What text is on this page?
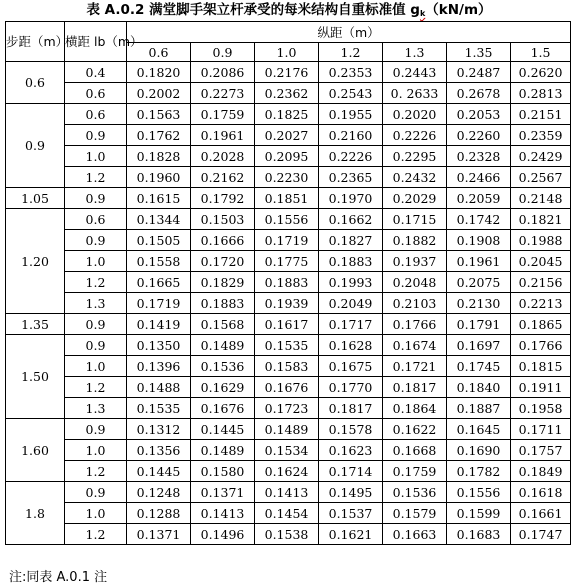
表 A.0.2 满堂脚手架立杆承受的每米结构自重标准值 $g_k(kN/m)$
步距（m）	横距 lb（m）	纵距（m）						
		0.6	0.9	1.0	1.2	1.3	1.35	1.5
0.6	0.4	0.1820	0.2086	0.2176	0.2353	0.2443	0.2487	0.2620
	0.6	0.2002	0.2273	0.2362	0.2543	0. 2633	0.2678	0.2813
0.9	0.6	0.1563	0.1759	0.1825	0.1955	0.2020	0.2053	0.2151
	0.9	0.1762	0.1961	0.2027	0.2160	0.2226	0.2260	0.2359
	1.0	0.1828	0.2028	0.2095	0.2226	0.2295	0.2328	0.2429
	1.2	0.1960	0.2162	0.2230	0.2365	0.2432	0.2466	0.2567
1.05	0.9	0.1615	0.1792	0.1851	0.1970	0.2029	0.2059	0.2148
1.20	0.6	0.1344	0.1503	0.1556	0.1662	0.1715	0.1742	0.1821
	0.9	0.1505	0.1666	0.1719	0.1827	0.1882	0.1908	0.1988
	1.0	0.1558	0.1720	0.1775	0.1883	0.1937	0.1961	0.2045
	1.2	0.1665	0.1829	0.1883	0.1993	0.2048	0.2075	0.2156
	1.3	0.1719	0.1883	0.1939	0.2049	0.2103	0.2130	0.2213
1.35	0.9	0.1419	0.1568	0.1617	0.1717	0.1766	0.1791	0.1865
1.50	0.9	0.1350	0.1489	0.1535	0.1628	0.1674	0.1697	0.1766
	1.0	0.1396	0.1536	0.1583	0.1675	0.1721	0.1745	0.1815
	1.2	0.1488	0.1629	0.1676	0.1770	0.1817	0.1840	0.1911
	1.3	0.1535	0.1676	0.1723	0.1817	0.1864	0.1887	0.1958
1.60	0.9	0.1312	0.1445	0.1489	0.1578	0.1622	0.1645	0.1711
	1.0	0.1356	0.1489	0.1534	0.1623	0.1668	0.1690	0.1757
	1.2	0.1445	0.1580	0.1624	0.1714	0.1759	0.1782	0.1849
1.8	0.9	0.1248	0.1371	0.1413	0.1495	0.1536	0.1556	0.1618
	1.0	0.1288	0.1413	0.1454	0.1537	0.1579	0.1599	0.1661
	1.2	0.1371	0.1496	0.1538	0.1621	0.1663	0.1683	0.1747
注:同表 A.0.1 注
